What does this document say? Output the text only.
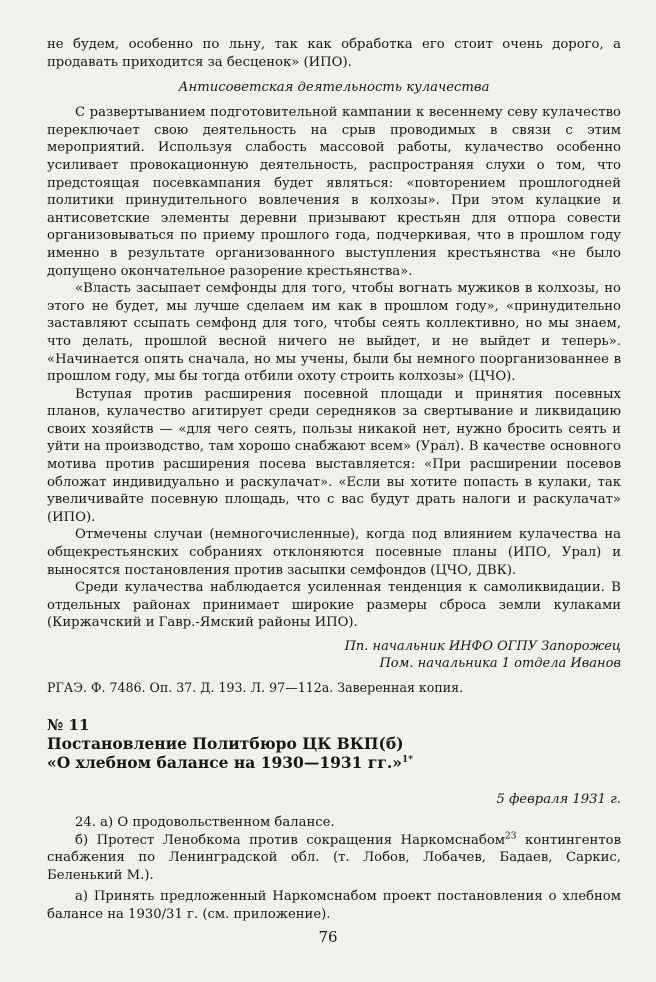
не будем, особенно по льну, так как обработка его стоит очень дорого, а продавать приходится за бесценок» (ИПО).

Антисоветская деятельность кулачества

С развертыванием подготовительной кампании к весеннему севу кулачество переключает свою деятельность на срыв проводимых в связи с этим мероприятий. Используя слабость массовой работы, кулачество особенно усиливает провокационную деятельность, распространяя слухи о том, что предстоящая посевкампания будет являться: «повторением прошлогодней политики принудительного вовлечения в колхозы». При этом кулацкие и антисоветские элементы деревни призывают крестьян для отпора совести организовываться по приему прошлого года, подчеркивая, что в прошлом году именно в результате организованного выступления крестьянства «не было допущено окончательное разорение крестьянства».

«Власть засыпает семфонды для того, чтобы вогнать мужиков в колхозы, но этого не будет, мы лучше сделаем им как в прошлом году», «принудительно заставляют ссыпать семфонд для того, чтобы сеять коллективно, но мы знаем, что делать, прошлой весной ничего не выйдет, и не выйдет и теперь». «Начинается опять сначала, но мы учены, были бы немного поорганизованнее в прошлом году, мы бы тогда отбили охоту строить колхозы» (ЦЧО).

Вступая против расширения посевной площади и принятия посевных планов, кулачество агитирует среди середняков за свертывание и ликвидацию своих хозяйств — «для чего сеять, пользы никакой нет, нужно бросить сеять и уйти на производство, там хорошо снабжают всем» (Урал). В качестве основного мотива против расширения посева выставляется: «При расширении посевов обложат индивидуально и раскулачат». «Если вы хотите попасть в кулаки, так увеличивайте посевную площадь, что с вас будут драть налоги и раскулачат» (ИПО).

Отмечены случаи (немногочисленные), когда под влиянием кулачества на общекрестьянских собраниях отклоняются посевные планы (ИПО, Урал) и выносятся постановления против засыпки семфондов (ЦЧО, ДВК).

Среди кулачества наблюдается усиленная тенденция к самоликвидации. В отдельных районах принимает широкие размеры сброса земли кулаками (Киржачский и Гавр.-Ямский районы ИПО).

Пп. начальник ИНФО ОГПУ Запорожец

Пом. начальника 1 отдела Иванов

РГАЭ. Ф. 7486. Оп. 37. Д. 193. Л. 97—112а. Заверенная копия.

№ 11
Постановление Политбюро ЦК ВКП(б)
«О хлебном балансе на 1930—1931 гг.»$^{1*}$

5 февраля 1931 г.

24. а) О продовольственном балансе.

б) Протест Ленобкома против сокращения Наркомснабом$^{23}$ контингентов снабжения по Ленинградской обл. (т. Лобов, Лобачев, Бадаев, Саркис, Беленький М.).

а) Принять предложенный Наркомснабом проект постановления о хлебном балансе на 1930/31 г. (см. приложение).

76
